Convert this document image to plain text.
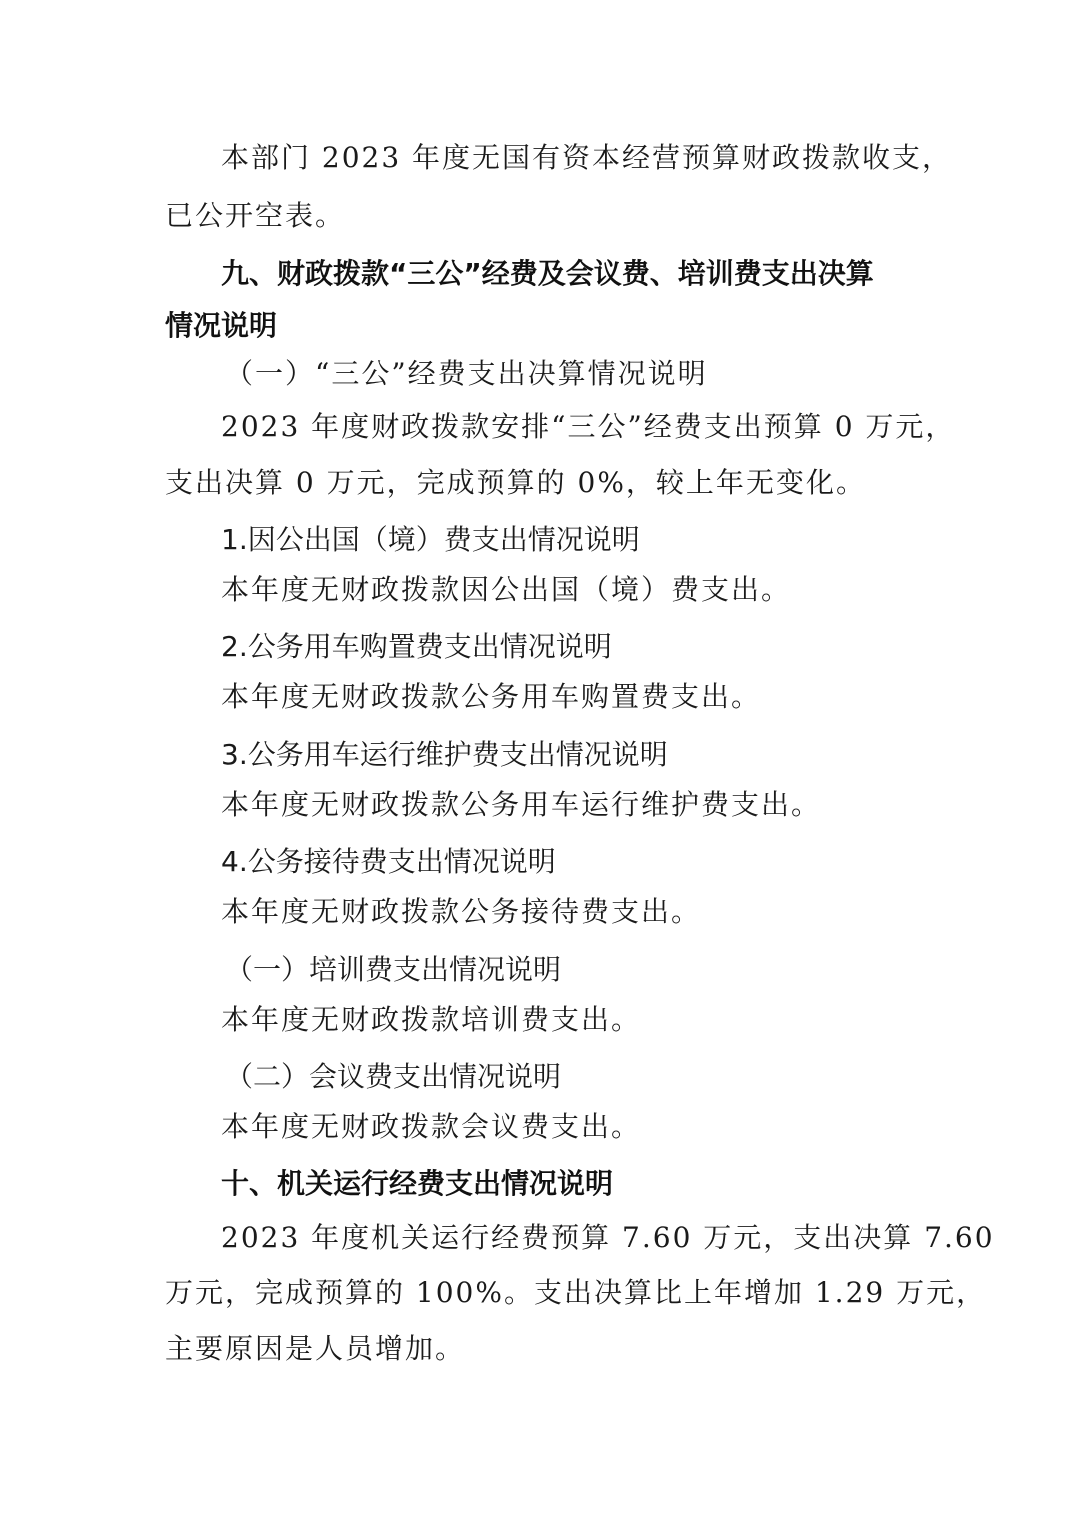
本部门 2023 年度无国有资本经营预算财政拨款收支，
已公开空表。
九、财政拨款“三公”经费及会议费、培训费支出决算
情况说明
（一）“三公”经费支出决算情况说明
2023 年度财政拨款安排“三公”经费支出预算 0 万元，
支出决算 0 万元，完成预算的 0%，较上年无变化。
1.因公出国（境）费支出情况说明
本年度无财政拨款因公出国（境）费支出。
2.公务用车购置费支出情况说明
本年度无财政拨款公务用车购置费支出。
3.公务用车运行维护费支出情况说明
本年度无财政拨款公务用车运行维护费支出。
4.公务接待费支出情况说明
本年度无财政拨款公务接待费支出。
（一）培训费支出情况说明
本年度无财政拨款培训费支出。
（二）会议费支出情况说明
本年度无财政拨款会议费支出。
十、机关运行经费支出情况说明
2023 年度机关运行经费预算 7.60 万元，支出决算 7.60
万元，完成预算的 100%。支出决算比上年增加 1.29 万元，
主要原因是人员增加。
